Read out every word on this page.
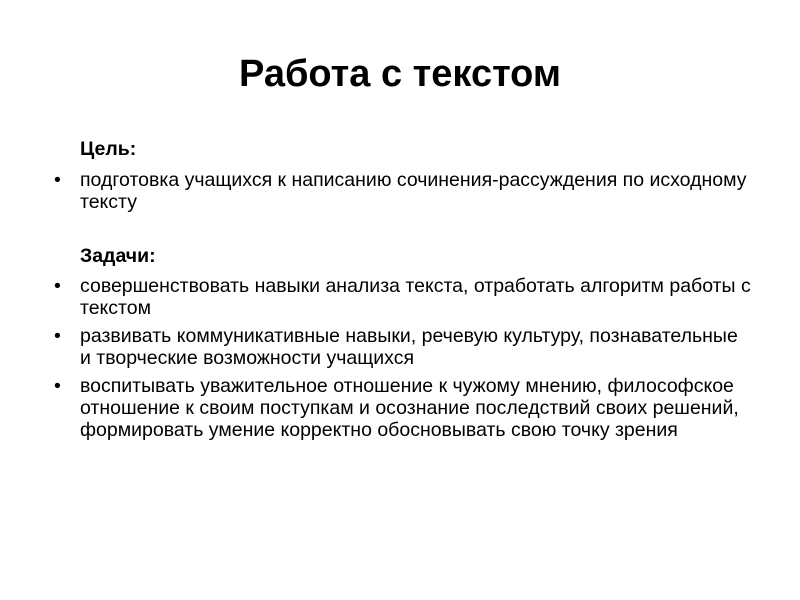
Работа с текстом
Цель:
• подготовка учащихся к написанию сочинения-рассуждения по исходному тексту
Задачи:
• совершенствовать навыки анализа текста, отработать алгоритм работы с текстом
• развивать коммуникативные навыки, речевую культуру, познавательные и творческие возможности учащихся
• воспитывать уважительное отношение к чужому мнению, философское отношение к своим поступкам и осознание последствий своих решений, формировать умение корректно обосновывать свою точку зрения
